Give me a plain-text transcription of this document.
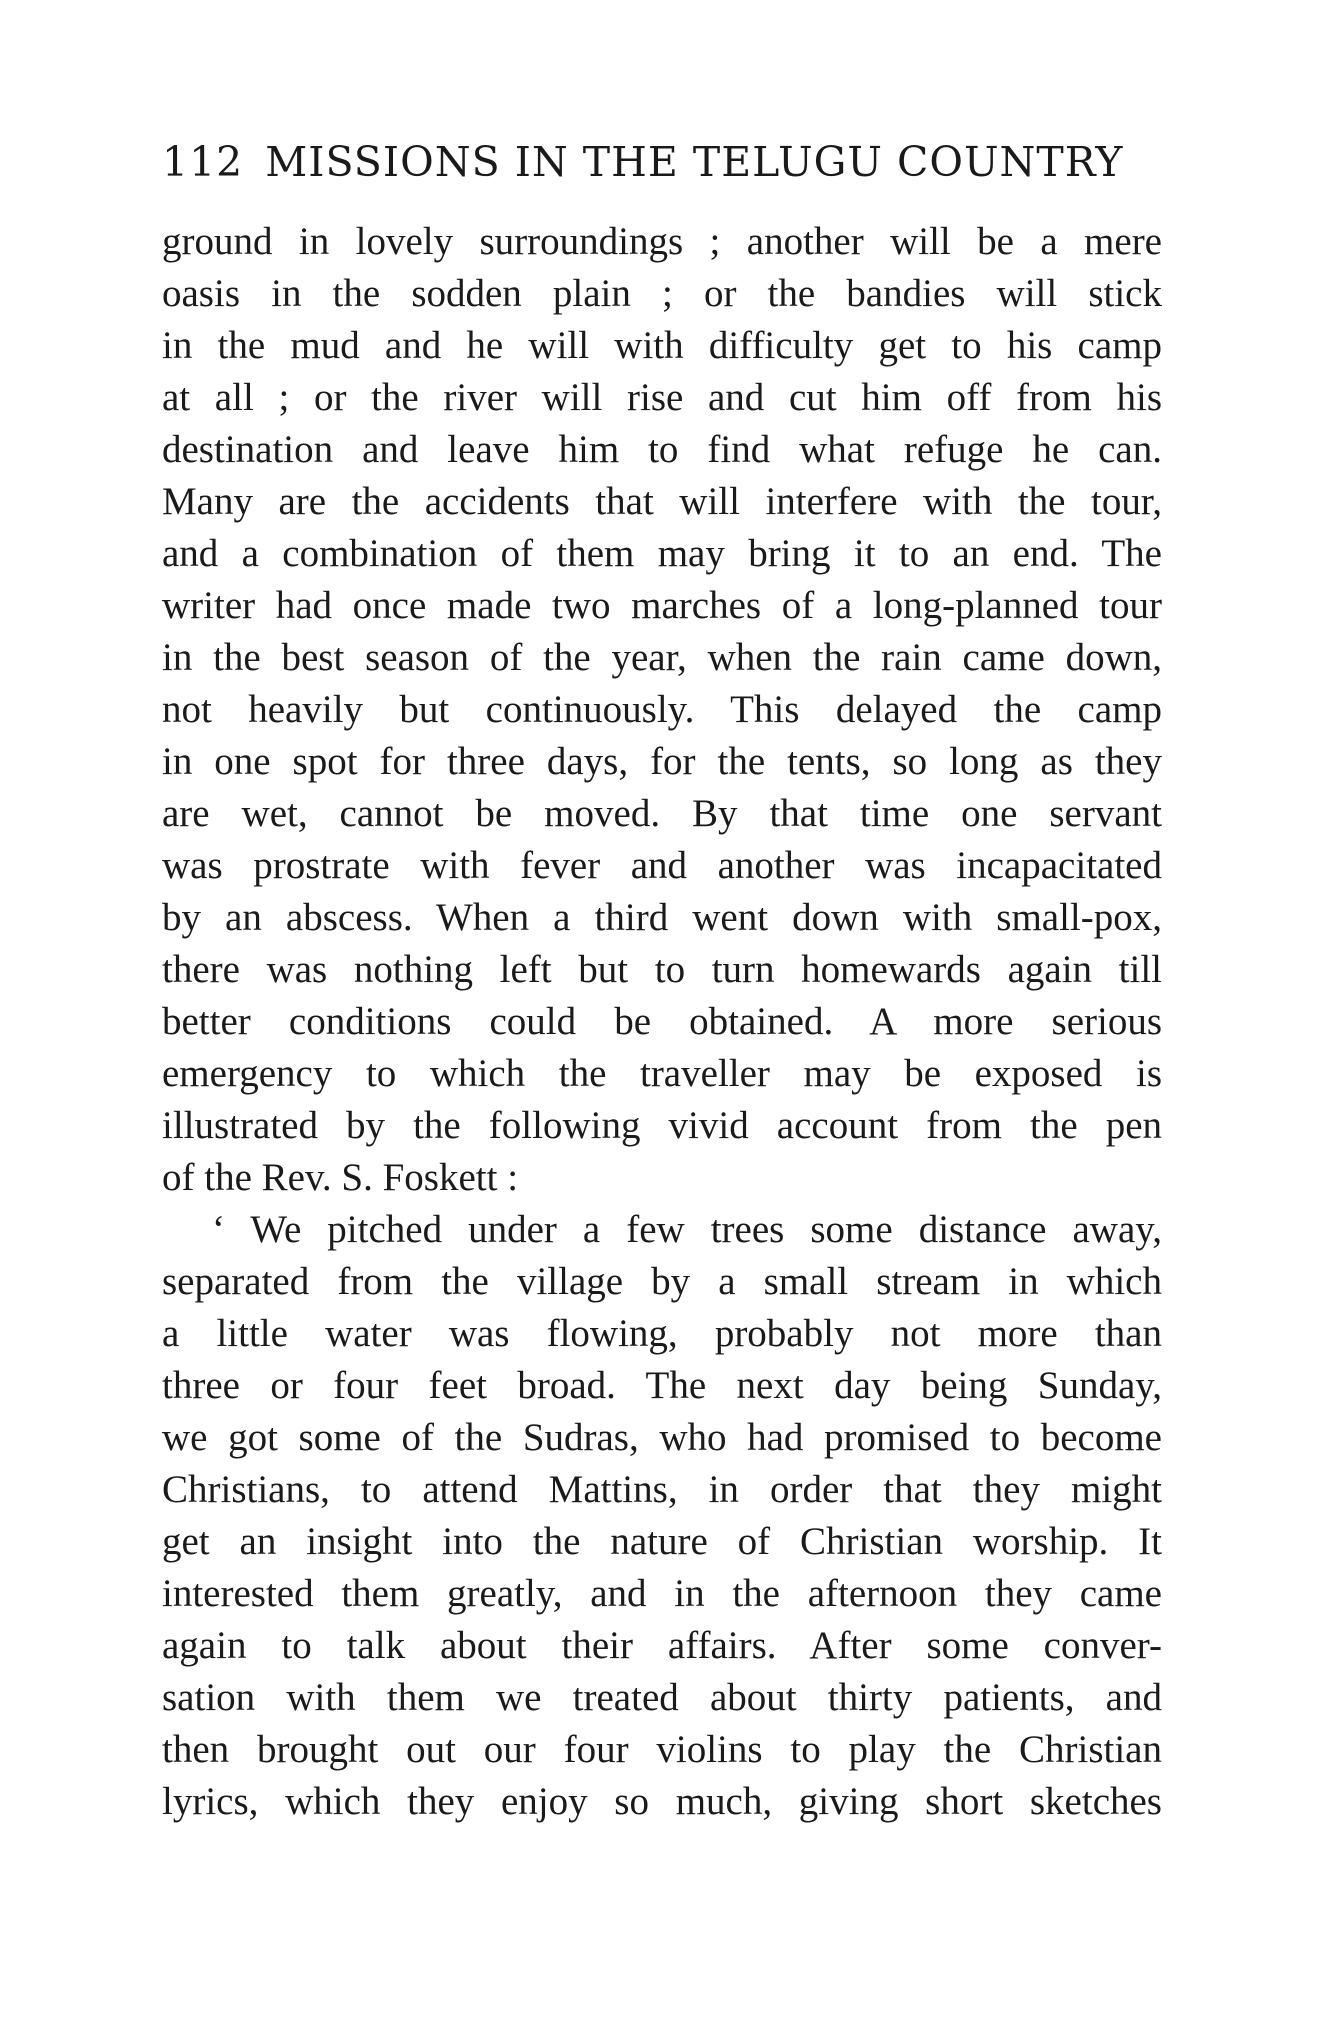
112 MISSIONS IN THE TELUGU COUNTRY
ground in lovely surroundings ; another will be a mere
oasis in the sodden plain ; or the bandies will stick
in the mud and he will with difficulty get to his camp
at all ; or the river will rise and cut him off from his
destination and leave him to find what refuge he can.
Many are the accidents that will interfere with the tour,
and a combination of them may bring it to an end. The
writer had once made two marches of a long-planned tour
in the best season of the year, when the rain came down,
not heavily but continuously. This delayed the camp
in one spot for three days, for the tents, so long as they
are wet, cannot be moved. By that time one servant
was prostrate with fever and another was incapacitated
by an abscess. When a third went down with small-pox,
there was nothing left but to turn homewards again till
better conditions could be obtained. A more serious
emergency to which the traveller may be exposed is
illustrated by the following vivid account from the pen
of the Rev. S. Foskett :
‘ We pitched under a few trees some distance away,
separated from the village by a small stream in which
a little water was flowing, probably not more than
three or four feet broad. The next day being Sunday,
we got some of the Sudras, who had promised to become
Christians, to attend Mattins, in order that they might
get an insight into the nature of Christian worship. It
interested them greatly, and in the afternoon they came
again to talk about their affairs. After some conver-
sation with them we treated about thirty patients, and
then brought out our four violins to play the Christian
lyrics, which they enjoy so much, giving short sketches
